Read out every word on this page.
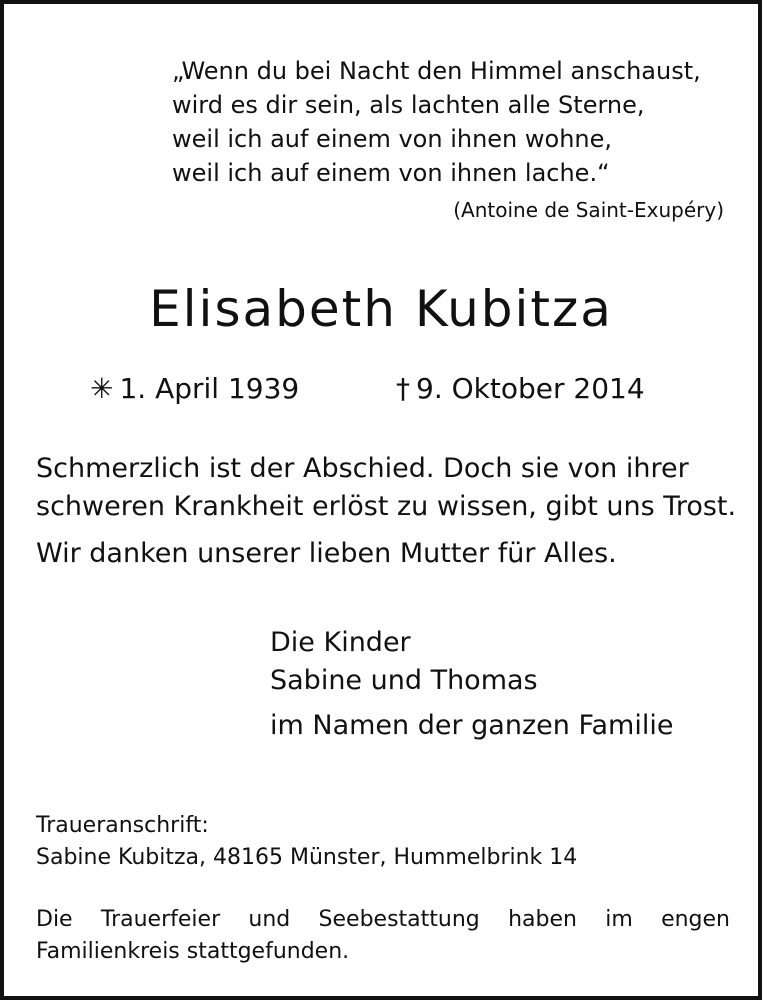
„Wenn du bei Nacht den Himmel anschaust,
wird es dir sein, als lachten alle Sterne,
weil ich auf einem von ihnen wohne,
weil ich auf einem von ihnen lache.“
(Antoine de Saint-Exupéry)
Elisabeth Kubitza
✳ 1. April 1939	† 9. Oktober 2014
Schmerzlich ist der Abschied. Doch sie von ihrer
schweren Krankheit erlöst zu wissen, gibt uns Trost.
Wir danken unserer lieben Mutter für Alles.
Die Kinder
Sabine und Thomas
im Namen der ganzen Familie
Traueranschrift:
Sabine Kubitza, 48165 Münster, Hummelbrink 14
Die Trauerfeier und Seebestattung haben im engen
Familienkreis stattgefunden.
